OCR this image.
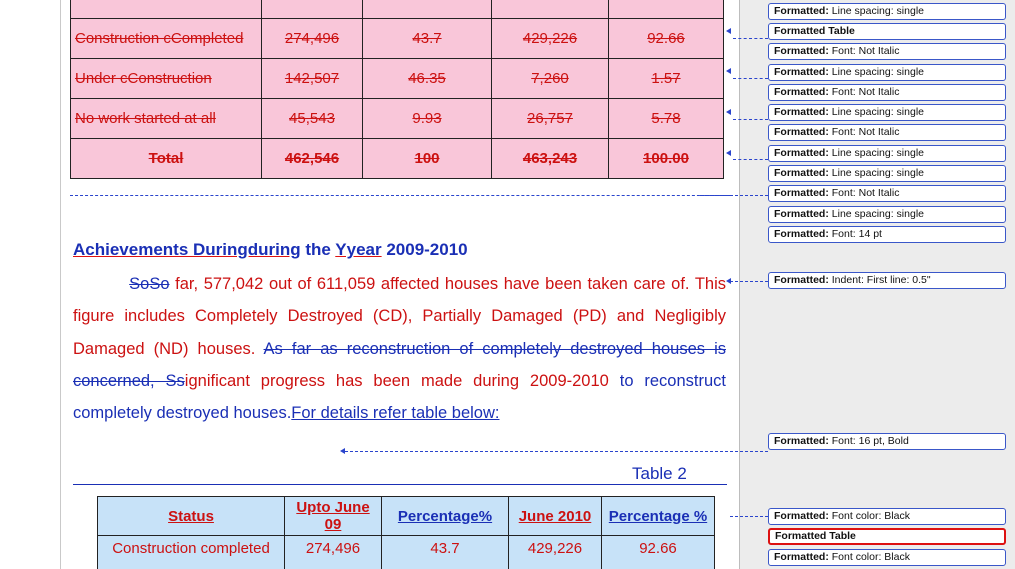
Construction cCompleted	274,496	43.7	429,226	92.66
Under cConstruction	142,507	46.35	7,260	1.57
No work started at all	45,543	9.93	26,757	5.78
Total	462,546	100	463,243	100.00
Achievements Duringduring the Yyear 2009-2010
SoSo far, 577,042 out of 611,059 affected houses have been taken care of. This figure includes Completely Destroyed (CD), Partially Damaged (PD) and Negligibly Damaged (ND) houses. As far as reconstruction of completely destroyed houses is concerned, Ssignificant progress has been made during 2009-2010 to reconstruct completely destroyed houses.For details refer table below:
Table 2
Status	Upto June 09	Percentage%	June 2010	Percentage %
Construction completed	274,496	43.7	429,226	92.66
Formatted: Line spacing: single
Formatted Table
Formatted: Font: Not Italic
Formatted: Line spacing: single
Formatted: Font: Not Italic
Formatted: Line spacing: single
Formatted: Font: Not Italic
Formatted: Line spacing: single
Formatted: Line spacing: single
Formatted: Font: Not Italic
Formatted: Line spacing: single
Formatted: Font: 14 pt
Formatted: Indent: First line: 0.5"
Formatted: Font: 16 pt, Bold
Formatted: Font color: Black
Formatted Table
Formatted: Font color: Black
